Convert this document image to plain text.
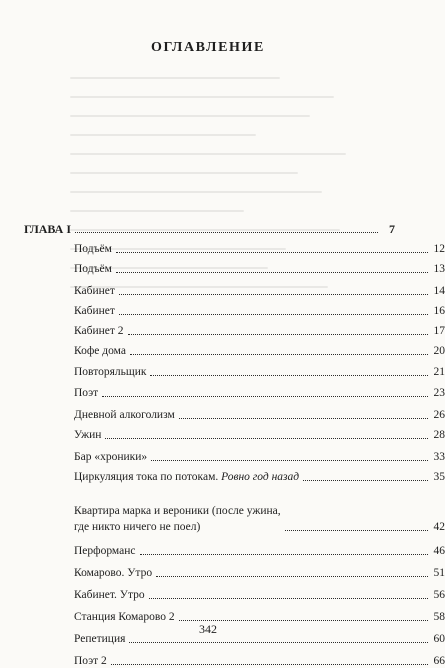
ОГЛАВЛЕНИЕ
ГЛАВА I	7
Подъём	12
Подъём	13
Кабинет	14
Кабинет	16
Кабинет 2	17
Кофе дома	20
Повторяльщик	21
Поэт	23
Дневной алкоголизм	26
Ужин	28
Бар «хроники»	33
Циркуляция тока по потокам. Ровно год назад	35
Квартира марка и вероники (после ужина,
где никто ничего не поел)	42
Перформанс	46
Комарово. Утро	51
Кабинет. Утро	56
Станция Комарово 2	58
Репетиция	60
Поэт 2	66
342
